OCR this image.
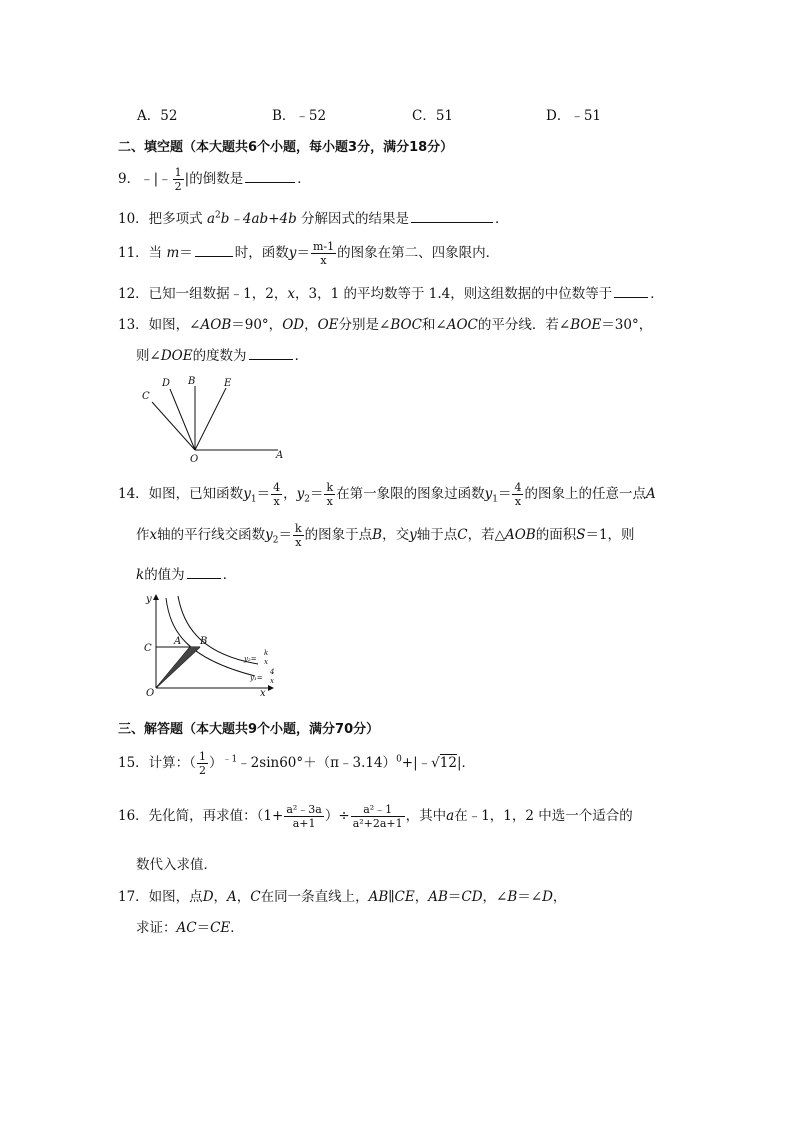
A．52	B．﹣52	C．51	D．﹣51
二、填空题（本大题共6个小题，每小题3分，满分18分）
9．﹣|﹣ $\frac{1}{2}$ |的倒数是	．
10．把多项式 $a^2b﹣4ab+4b$ 分解因式的结果是	．
11．当 m＝	时，函数$y= \frac{m-1}{x}$ 的图象在第二、四象限内．
12．已知一组数据﹣1，2，x，3，1 的平均数等于 1.4，则这组数据的中位数等于	．
13．如图，∠AOB＝90°，OD，OE分别是∠BOC和∠AOC的平分线．若∠BOE＝30°，
则∠DOE的度数为	．
C
D B	E
A
O
14．如图，已知函数$y_1= \frac{4}{x}$ ，$y_2= \frac{k}{x}$ 在第一象限的图象过函数$y_1= \frac{4}{x}$ 的图象上的任意一点A
作x轴的平行线交函数$y_2= \frac{k}{x}$ 的图象于点B，交y轴于点C，若△AOB的面积S＝1，则
k的值为	．
y
C
A B
O	x
y₂=
k
x
y₁=
4
x
三、解答题（本大题共9个小题，满分70分）
15．计算：（ $\frac{1}{2}$ ）$^{﹣1}$﹣2sin60°＋（π﹣3.14）$^0$+|﹣√12|．
16．先化简，再求值：（$1+ \frac{\text{a²﹣3a}}{a+1}$ ）÷ $\frac{\text{a²﹣1}}{\text{a²+2a+1}}$ ，其中a在﹣1，1，2 中选一个适合的
数代入求值．
17．如图，点D，A，C在同一条直线上，AB∥CE，AB＝CD，∠B＝∠D，
求证：AC＝CE．
